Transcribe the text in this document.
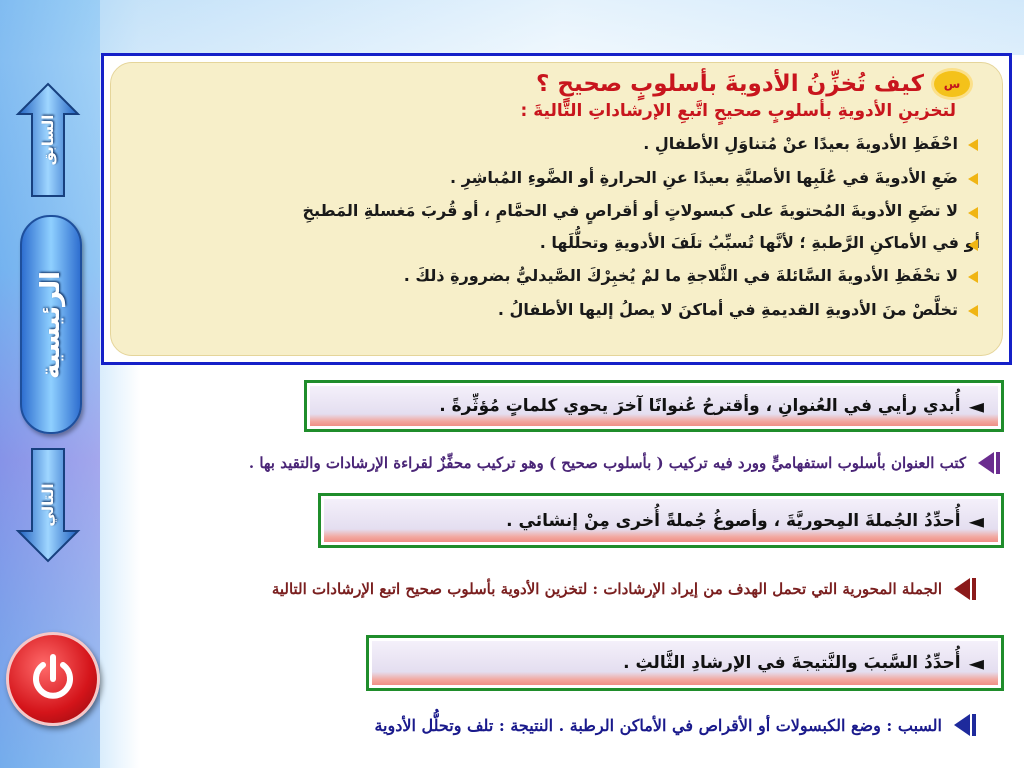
السابق
الرئيسية
التالي
س
كيف تُخزِّنُ الأدويةَ بأسلوبٍ صحيحٍ ؟
لتخزينِ الأدويةِ بأسلوبٍ صحيحٍ اتَّبعِ الإرشاداتِ التَّاليةَ :
احْفَظِ الأدويةَ بعيدًا عنْ مُتناوَلِ الأطفالِ .
ضَعِ الأدويةَ في عُلَبِها الأصليَّةِ بعيدًا عنِ الحرارةِ أو الضَّوءِ المُباشِرِ .
لا تضَعِ الأدويةَ المُحتويةَ على كبسولاتٍ أو أقراصٍ في الحمَّامِ ، أو قُربَ مَغسلةِ المَطبخِ
أو في الأماكنِ الرَّطبةِ ؛ لأنَّها تُسبِّبُ تلَفَ الأدويةِ وتحلُّلَها .
لا تحْفَظِ الأدويةَ السَّائلةَ في الثَّلاجةِ ما لمْ يُخبِرْكَ الصَّيدليُّ بضرورةِ ذلكَ .
تخلَّصْ منَ الأدويةِ القديمةِ في أماكنَ لا يصلُ إليها الأطفالُ .
◄
أُبدي رأيي في العُنوانِ ، وأقترحُ عُنوانًا آخرَ يحوي كلماتٍ مُؤثِّرةً .
كتب العنوان بأسلوب استفهاميٍّ وورد فيه تركيب ( بأسلوب صحيح ) وهو تركيب محفِّزٌ لقراءة الإرشادات والتقيد بها .
◄
أُحدِّدُ الجُملةَ المِحوريَّةَ ، وأصوغُ جُملةً أُخرى مِنْ إنشائي .
الجملة المحورية التي تحمل الهدف من إيراد الإرشادات : لتخزين الأدوية بأسلوب صحيح اتبع الإرشادات التالية
◄
أُحدِّدُ السَّببَ والنَّتيجةَ في الإرشادِ الثَّالثِ .
السبب : وضع الكبسولات أو الأقراص في الأماكن الرطبة . النتيجة : تلف وتحلُّل الأدوية
